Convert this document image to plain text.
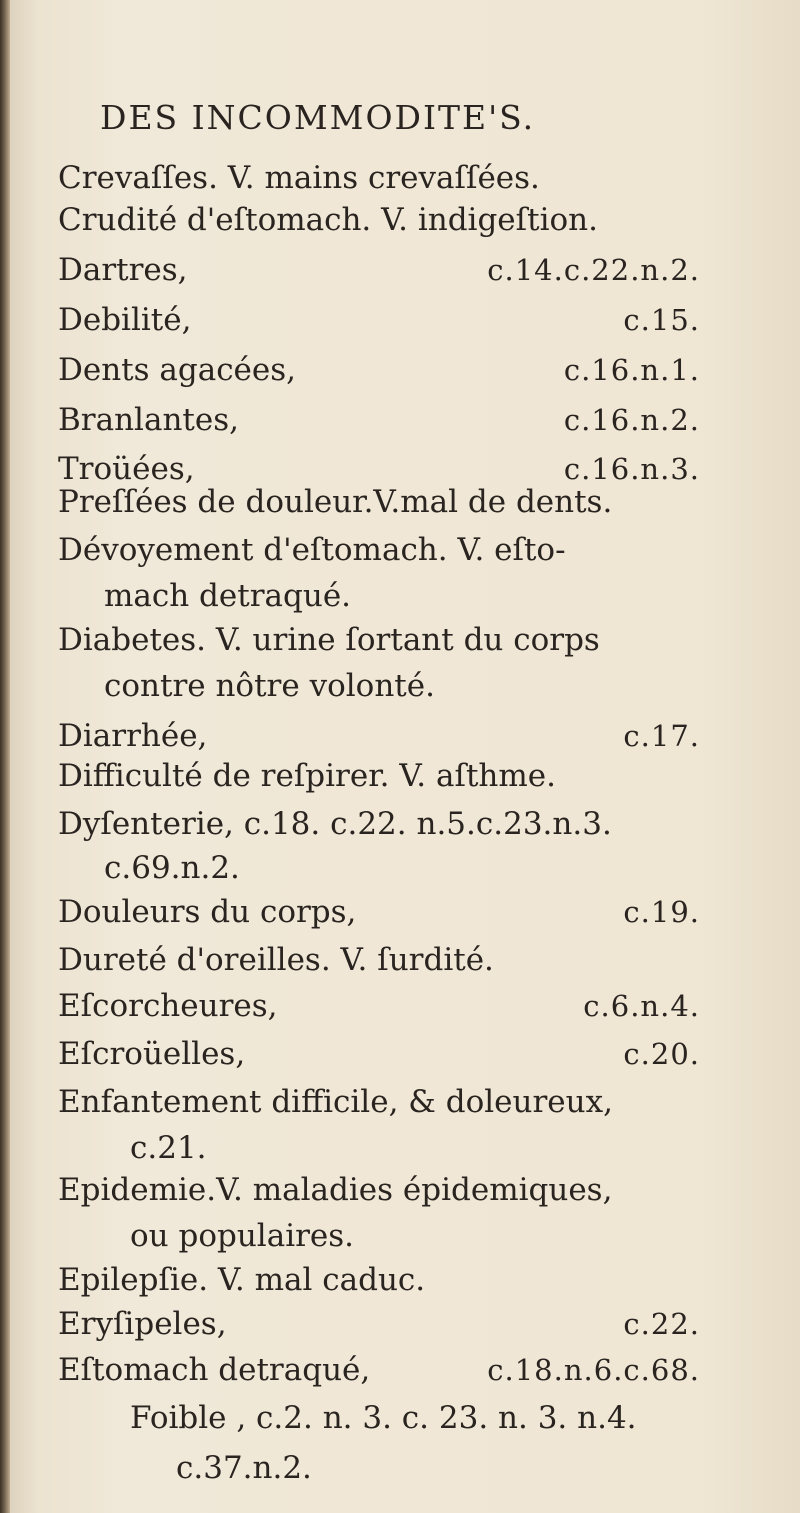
DES INCOMMODITE'S.
Crevaſſes. V. mains crevaſſées.
Crudité d'eſtomach. V. indigeſtion.
Dartres,	c.14.c.22.n.2.
Debilité,	c.15.
Dents agacées,	c.16.n.1.
Branlantes,	c.16.n.2.
Troüées,	c.16.n.3.
Preſſées de douleur.V.mal de dents.
Dévoyement d'eſtomach. V. eſto-
mach detraqué.
Diabetes. V. urine ſortant du corps
contre nôtre volonté.
Diarrhée,	c.17.
Difficulté de reſpirer. V. aſthme.
Dyſenterie, c.18. c.22. n.5.c.23.n.3.
c.69.n.2.
Douleurs du corps,	c.19.
Dureté d'oreilles. V. ſurdité.
Eſcorcheures,	c.6.n.4.
Eſcroüelles,	c.20.
Enfantement difficile, & doleureux,
c.21.
Epidemie.V. maladies épidemiques,
ou populaires.
Epilepſie. V. mal caduc.
Eryſipeles,	c.22.
Eſtomach detraqué,	c.18.n.6.c.68.
Foible , c.2. n. 3. c. 23. n. 3. n.4.
c.37.n.2.
